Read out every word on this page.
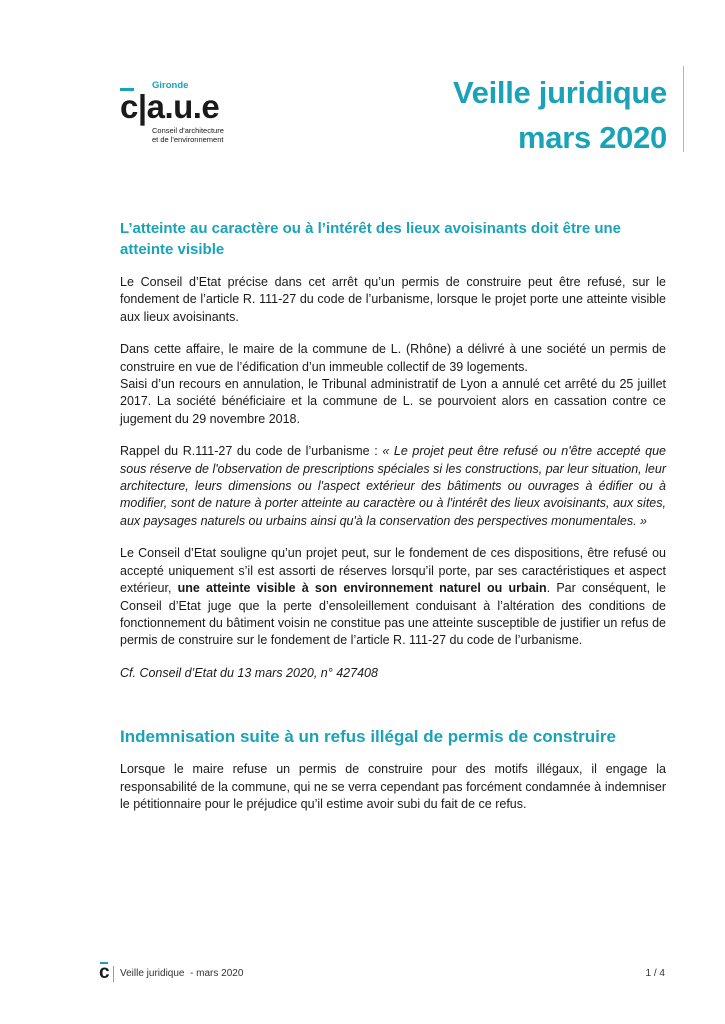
Gironde
c|a.u.e
Conseil d'architecture
et de l'environnement
Veille juridique
mars 2020
L’atteinte au caractère ou à l’intérêt des lieux avoisinants doit être une atteinte visible

Le Conseil d’Etat précise dans cet arrêt qu’un permis de construire peut être refusé, sur le fondement de l’article R. 111-27 du code de l’urbanisme, lorsque le projet porte une atteinte visible aux lieux avoisinants.

Dans cette affaire, le maire de la commune de L. (Rhône) a délivré à une société un permis de construire en vue de l’édification d’un immeuble collectif de 39 logements.

Saisi d’un recours en annulation, le Tribunal administratif de Lyon a annulé cet arrêté du 25 juillet 2017. La société bénéficiaire et la commune de L. se pourvoient alors en cassation contre ce jugement du 29 novembre 2018.

Rappel du R.111-27 du code de l’urbanisme : « Le projet peut être refusé ou n'être accepté que sous réserve de l'observation de prescriptions spéciales si les constructions, par leur situation, leur architecture, leurs dimensions ou l'aspect extérieur des bâtiments ou ouvrages à édifier ou à modifier, sont de nature à porter atteinte au caractère ou à l'intérêt des lieux avoisinants, aux sites, aux paysages naturels ou urbains ainsi qu'à la conservation des perspectives monumentales. »

Le Conseil d’Etat souligne qu’un projet peut, sur le fondement de ces dispositions, être refusé ou accepté uniquement s’il est assorti de réserves lorsqu’il porte, par ses caractéristiques et aspect extérieur, une atteinte visible à son environnement naturel ou urbain. Par conséquent, le Conseil d’Etat juge que la perte d’ensoleillement conduisant à l’altération des conditions de fonctionnement du bâtiment voisin ne constitue pas une atteinte susceptible de justifier un refus de permis de construire sur le fondement de l’article R. 111-27 du code de l’urbanisme.

Cf. Conseil d’Etat du 13 mars 2020, n° 427408

Indemnisation suite à un refus illégal de permis de construire

Lorsque le maire refuse un permis de construire pour des motifs illégaux, il engage la responsabilité de la commune, qui ne se verra cependant pas forcément condamnée à indemniser le pétitionnaire pour le préjudice qu’il estime avoir subi du fait de ce refus.

c Veille juridique  - mars 2020	1 / 4
